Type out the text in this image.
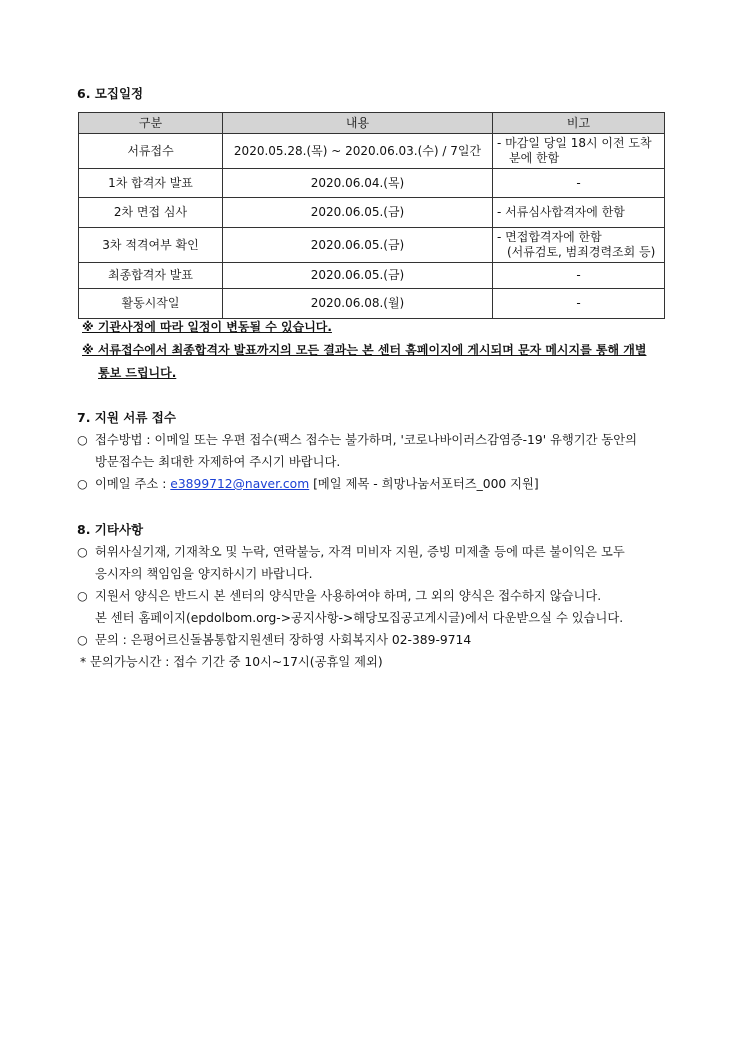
6. 모집일정
구분	내용	비고
서류접수	2020.05.28.(목) ~ 2020.06.03.(수) / 7일간	- 마감일 당일 18시 이전 도착
분에 한함

1차 합격자 발표	2020.06.04.(목)	-
2차 면접 심사	2020.06.05.(금)	- 서류심사합격자에 한함
3차 적격여부 확인	2020.06.05.(금)	- 면접합격자에 한함
(서류검토, 범죄경력조회 등)

최종합격자 발표	2020.06.05.(금)	-
활동시작일	2020.06.08.(월)	-
※ 기관사정에 따라 일정이 변동될 수 있습니다.
※ 서류접수에서 최종합격자 발표까지의 모든 결과는 본 센터 홈페이지에 게시되며 문자 메시지를 통해 개별
통보 드립니다.
7. 지원 서류 접수
○ 접수방법 : 이메일 또는 우편 접수(팩스 접수는 불가하며, '코로나바이러스감염증-19' 유행기간 동안의
방문접수는 최대한 자제하여 주시기 바랍니다.
○ 이메일 주소 : e3899712@naver.com [메일 제목 - 희망나눔서포터즈_000 지원]
8. 기타사항
○ 허위사실기재, 기재착오 및 누락, 연락불능, 자격 미비자 지원, 증빙 미제출 등에 따른 불이익은 모두
응시자의 책임임을 양지하시기 바랍니다.
○ 지원서 양식은 반드시 본 센터의 양식만을 사용하여야 하며, 그 외의 양식은 접수하지 않습니다.
본 센터 홈페이지(epdolbom.org->공지사항->해당모집공고게시글)에서 다운받으실 수 있습니다.
○ 문의 : 은평어르신돌봄통합지원센터 장하영 사회복지사 02-389-9714
* 문의가능시간 : 접수 기간 중 10시~17시(공휴일 제외)
